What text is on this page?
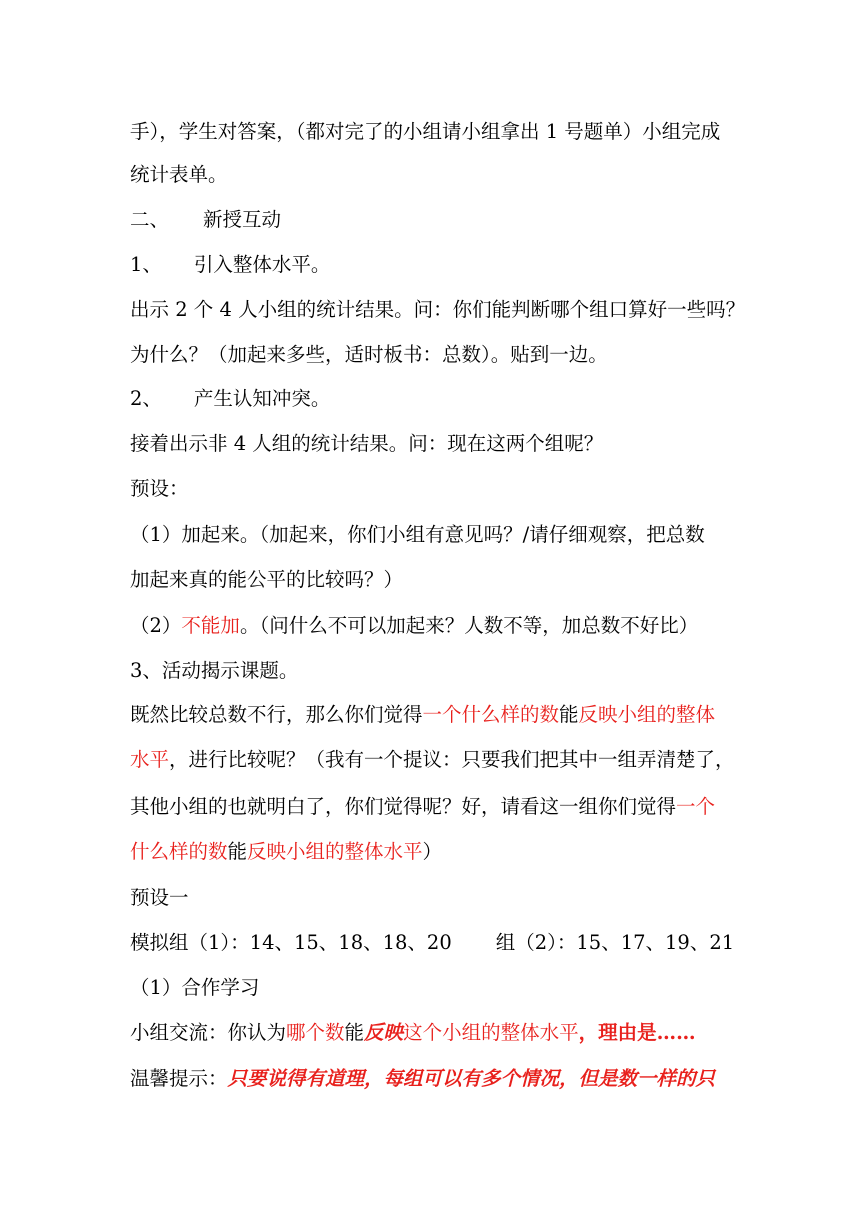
手），学生对答案，（都对完了的小组请小组拿出 1 号题单）小组完成
统计表单。
二、 新授互动
1、 引入整体水平。
出示 2 个 4 人小组的统计结果。问：你们能判断哪个组口算好一些吗？
为什么？（加起来多些，适时板书：总数）。贴到一边。
2、 产生认知冲突。
接着出示非 4 人组的统计结果。问：现在这两个组呢？
预设：
（1）加起来。（加起来，你们小组有意见吗？/请仔细观察，把总数
加起来真的能公平的比较吗？）
（2）不能加。（问什么不可以加起来？人数不等，加总数不好比）
3、活动揭示课题。
既然比较总数不行，那么你们觉得一个什么样的数能反映小组的整体
水平，进行比较呢？（我有一个提议：只要我们把其中一组弄清楚了，
其他小组的也就明白了，你们觉得呢？好，请看这一组你们觉得一个
什么样的数能反映小组的整体水平）
预设一
模拟组（1）：14、15、18、18、20 组（2）：15、17、19、21
（1）合作学习
小组交流：你认为哪个数能反映这个小组的整体水平，理由是……
温馨提示：只要说得有道理，每组可以有多个情况，但是数一样的只
